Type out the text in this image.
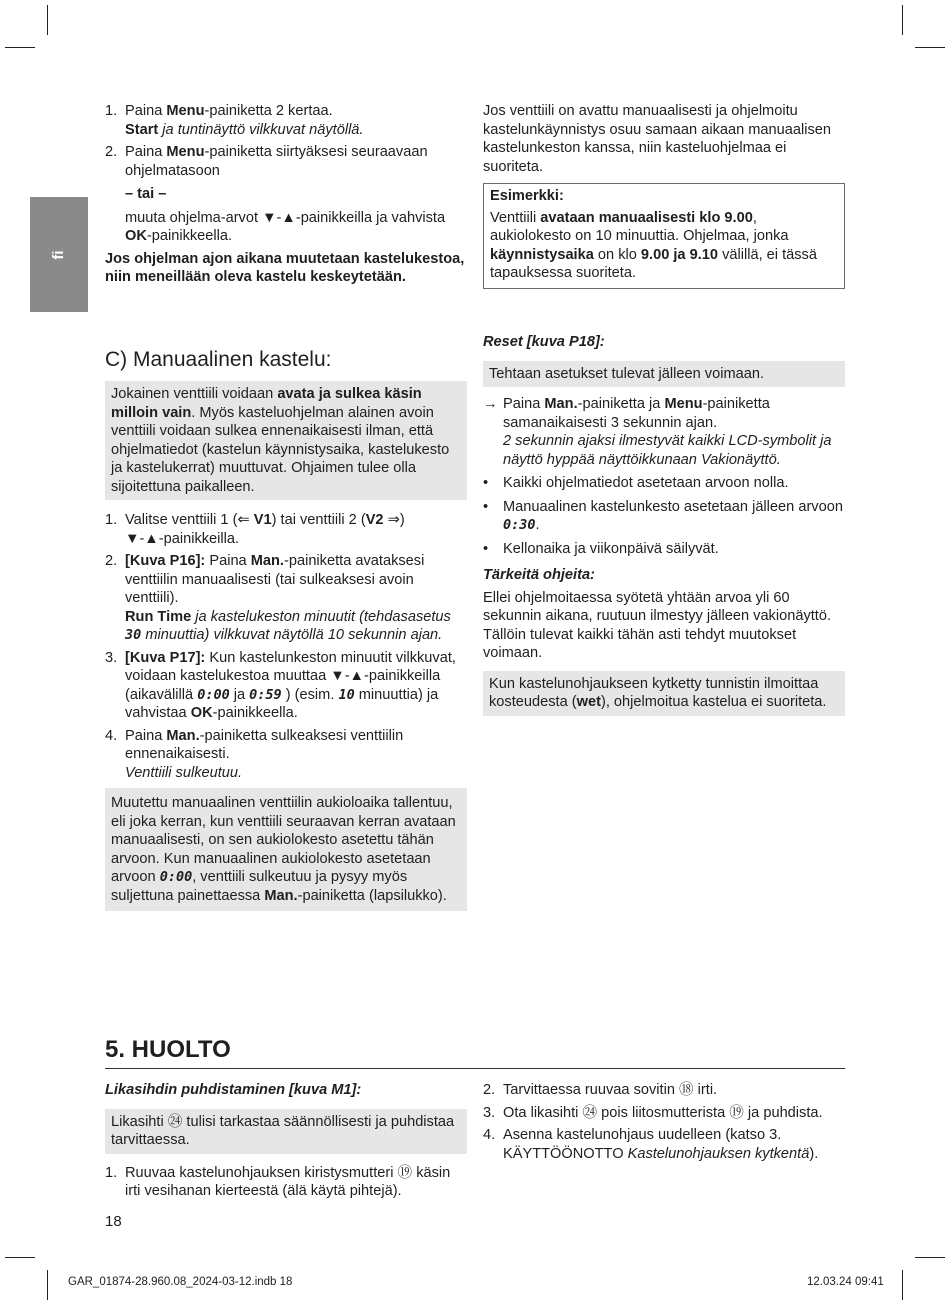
fi
1. Paina Menu-painiketta 2 kertaa.
Start ja tuntinäyttö vilkkuvat näytöllä.
2. Paina Menu-painiketta siirtyäksesi seuraavaan ohjelmatasoon
– tai –
muuta ohjelma-arvot ▼-▲-painikkeilla ja vahvista OK-painikkeella.

Jos ohjelman ajon aikana muutetaan kastelukestoa, niin meneillään oleva kastelu keskeytetään.

C) Manuaalinen kastelu:
Jokainen venttiili voidaan avata ja sulkea käsin milloin vain. Myös kasteluohjelman alainen avoin venttiili voidaan sulkea ennenaikaisesti ilman, että ohjelmatiedot (kastelun käynnistysaika, kastelukesto ja kastelukerrat) muuttuvat. Ohjaimen tulee olla sijoitettuna paikalleen.
1. Valitse venttiili 1 (⇐ V1) tai venttiili 2 (V2 ⇒)
▼-▲-painikkeilla.
2. [Kuva P16]: Paina Man.-painiketta avataksesi venttiilin manuaalisesti (tai sulkeaksesi avoin venttiili).
Run Time ja kastelukeston minuutit (tehdasasetus 30 minuuttia) vilkkuvat näytöllä 10 sekunnin ajan.
3. [Kuva P17]: Kun kastelunkeston minuutit vilkkuvat, voidaan kastelukestoa muuttaa ▼-▲-painikkeilla (aikavälillä 0:00 ja 0:59 ) (esim. 10 minuuttia) ja vahvistaa OK-painikkeella.
4. Paina Man.-painiketta sulkeaksesi venttiilin ennenaikaisesti.
Venttiili sulkeutuu.
Muutettu manuaalinen venttiilin aukioloaika tallentuu, eli joka kerran, kun venttiili seuraavan kerran avataan manuaalisesti, on sen aukiolokesto asetettu tähän arvoon. Kun manuaalinen aukiolokesto asetetaan arvoon 0:00, venttiili sulkeutuu ja pysyy myös suljettuna painettaessa Man.-painiketta (lapsilukko).

Jos venttiili on avattu manuaalisesti ja ohjelmoitu kastelunkäynnistys osuu samaan aikaan manuaalisen kastelunkeston kanssa, niin kasteluohjelmaa ei suoriteta.

Esimerkki:
Venttiili avataan manuaalisesti klo 9.00, aukiolokesto on 10 minuuttia. Ohjelmaa, jonka käynnistysaika on klo 9.00 ja 9.10 välillä, ei tässä tapauksessa suoriteta.
Reset [kuva P18]:
Tehtaan asetukset tulevat jälleen voimaan.
→ Paina Man.-painiketta ja Menu-painiketta samanaikaisesti 3 sekunnin ajan.
2 sekunnin ajaksi ilmestyvät kaikki LCD-symbolit ja näyttö hyppää näyttöikkunaan Vakionäyttö.
• Kaikki ohjelmatiedot asetetaan arvoon nolla.
• Manuaalinen kastelunkesto asetetaan jälleen arvoon 0:30.
• Kellonaika ja viikonpäivä säilyvät.
Tärkeitä ohjeita:

Ellei ohjelmoitaessa syötetä yhtään arvoa yli 60 sekunnin aikana, ruutuun ilmestyy jälleen vakionäyttö. Tällöin tulevat kaikki tähän asti tehdyt muutokset voimaan.

Kun kastelunohjaukseen kytketty tunnistin ilmoittaa kosteudesta (wet), ohjelmoitua kastelua ei suoriteta.
5. HUOLTO
Likasihdin puhdistaminen [kuva M1]:
Likasihti ㉔ tulisi tarkastaa säännöllisesti ja puhdistaa tarvittaessa.
1. Ruuvaa kastelunohjauksen kiristysmutteri ⑲ käsin irti vesihanan kierteestä (älä käytä pihtejä).
2. Tarvittaessa ruuvaa sovitin ⑱ irti.
3. Ota likasihti ㉔ pois liitosmutterista ⑲ ja puhdista.
4. Asenna kastelunohjaus uudelleen (katso 3. KÄYTTÖÖNOTTO Kastelunohjauksen kytkentä).
18
GAR_01874-28.960.08_2024-03-12.indb 18	12.03.24 09:41
